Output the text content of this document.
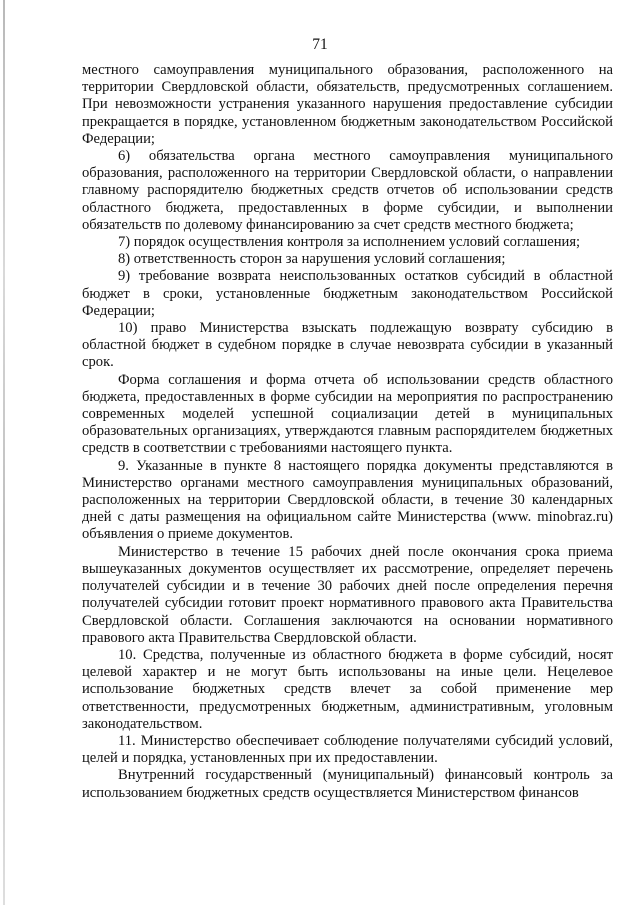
71

местного самоуправления муниципального образования, расположенного на территории Свердловской области, обязательств, предусмотренных соглашением. При невозможности устранения указанного нарушения предоставление субсидии прекращается в порядке, установленном бюджетным законодательством Российской Федерации;

6) обязательства органа местного самоуправления муниципального образования, расположенного на территории Свердловской области, о направлении главному распорядителю бюджетных средств отчетов об использовании средств областного бюджета, предоставленных в форме субсидии, и выполнении обязательств по долевому финансированию за счет средств местного бюджета;

7) порядок осуществления контроля за исполнением условий соглашения;

8) ответственность сторон за нарушения условий соглашения;

9) требование возврата неиспользованных остатков субсидий в областной бюджет в сроки, установленные бюджетным законодательством Российской Федерации;

10) право Министерства взыскать подлежащую возврату субсидию в областной бюджет в судебном порядке в случае невозврата субсидии в указанный срок.

Форма соглашения и форма отчета об использовании средств областного бюджета, предоставленных в форме субсидии на мероприятия по распространению современных моделей успешной социализации детей в муниципальных образовательных организациях, утверждаются главным распорядителем бюджетных средств в соответствии с требованиями настоящего пункта.

9. Указанные в пункте 8 настоящего порядка документы представляются в Министерство органами местного самоуправления муниципальных образований, расположенных на территории Свердловской области, в течение 30 календарных дней с даты размещения на официальном сайте Министерства (www. minobraz.ru) объявления о приеме документов.

Министерство в течение 15 рабочих дней после окончания срока приема вышеуказанных документов осуществляет их рассмотрение, определяет перечень получателей субсидии и в течение 30 рабочих дней после определения перечня получателей субсидии готовит проект нормативного правового акта Правительства Свердловской области. Соглашения заключаются на основании нормативного правового акта Правительства Свердловской области.

10. Средства, полученные из областного бюджета в форме субсидий, носят целевой характер и не могут быть использованы на иные цели. Нецелевое использование бюджетных средств влечет за собой применение мер ответственности, предусмотренных бюджетным, административным, уголовным законодательством.

11. Министерство обеспечивает соблюдение получателями субсидий условий, целей и порядка, установленных при их предоставлении.

Внутренний государственный (муниципальный) финансовый контроль за использованием бюджетных средств осуществляется Министерством финансов
